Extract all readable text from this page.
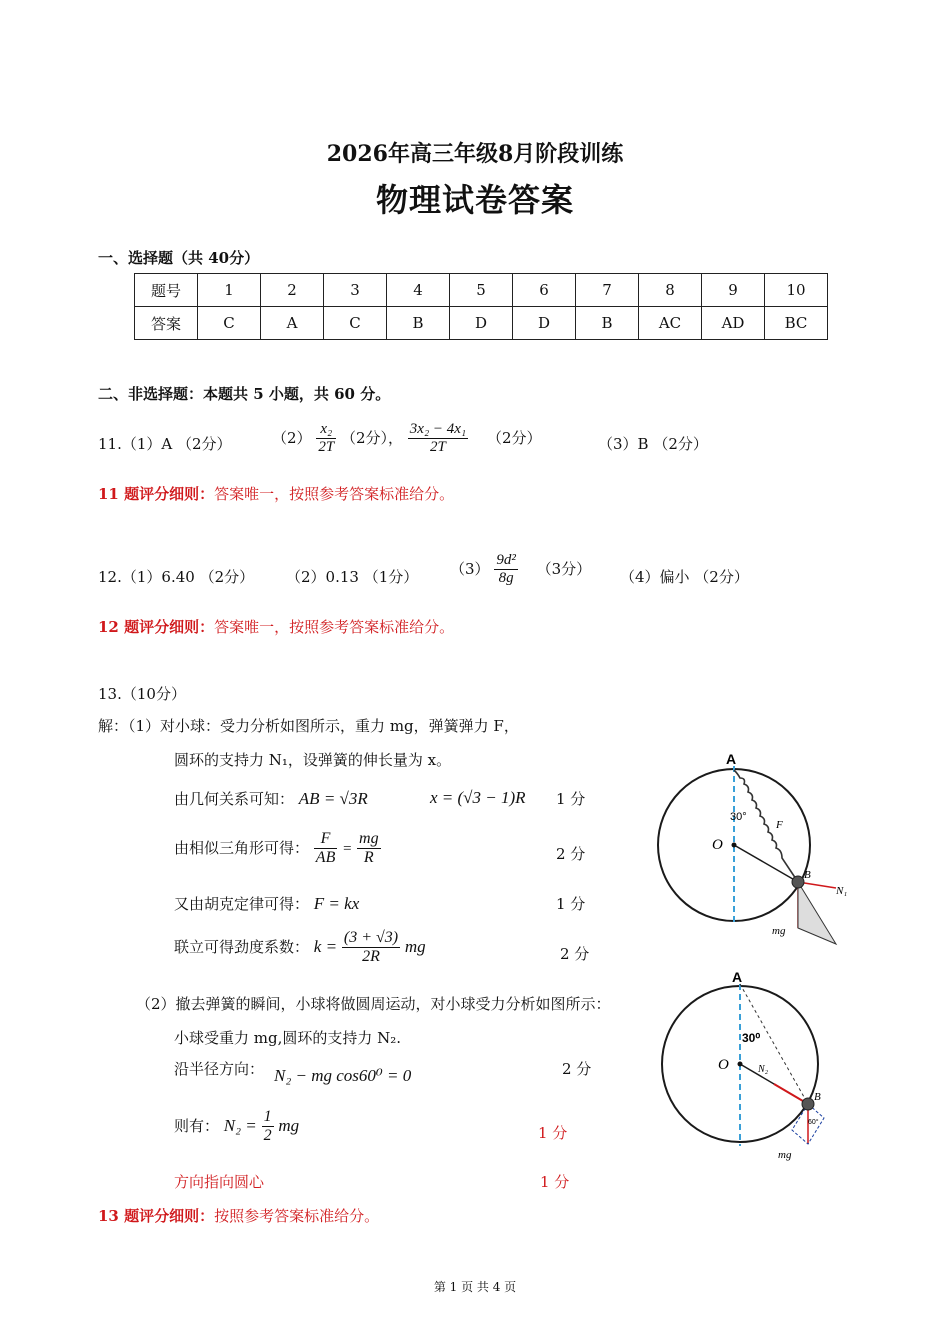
2026年高三年级8月阶段训练
物理试卷答案
一、选择题（共 40分）
题号	1	2	3	4	5	6	7	8	9	10
答案	C	A	C	B	D	D	B	AC	AD	BC
二、非选择题：本题共 5 小题，共 60 分。
11.（1）A （2分）	$(2) \frac{\text{x₂}}{2T} (2$分）， $\frac{\text{3x₂ − 4x₁}}{2T} (2$分）	（3）B （2分）
11 题评分细则：答案唯一，按照参考答案标准给分。
12.（1）6.40 （2分） （2）0.13 （1分） $(3) \frac{\text{9d²}}{8g} (3$分） （4）偏小 （2分）
12 题评分细则：答案唯一，按照参考答案标准给分。
13.（10分）
解：（1）对小球：受力分析如图所示，重力 mg，弹簧弹力 F，
圆环的支持力 N₁，设弹簧的伸长量为 x。
由几何关系可知： AB = √3R	x = (√3 − 1)R 1 分
由相似三角形可得： $\frac{F}{AB} = \frac{mg}{R}$	2 分
又由胡克定律可得： F = kx	1 分
联立可得劲度系数： $k = \frac{(3 + √3)}{2R}$ mg	2 分
（2）撤去弹簧的瞬间，小球将做圆周运动，对小球受力分析如图所示：
小球受重力 mg,圆环的支持力 N₂.
沿半径方向： N₂ − mg cos60⁰ = 0	2 分
则有： $N_2 = \frac{1}{2}$ mg	1 分
方向指向圆心	1 分
13 题评分细则：按照参考答案标准给分。
A
O
B
30°
F
N₁
mg
A
O
B
30⁰
N₂
60°
mg
第 1 页 共 4 页
